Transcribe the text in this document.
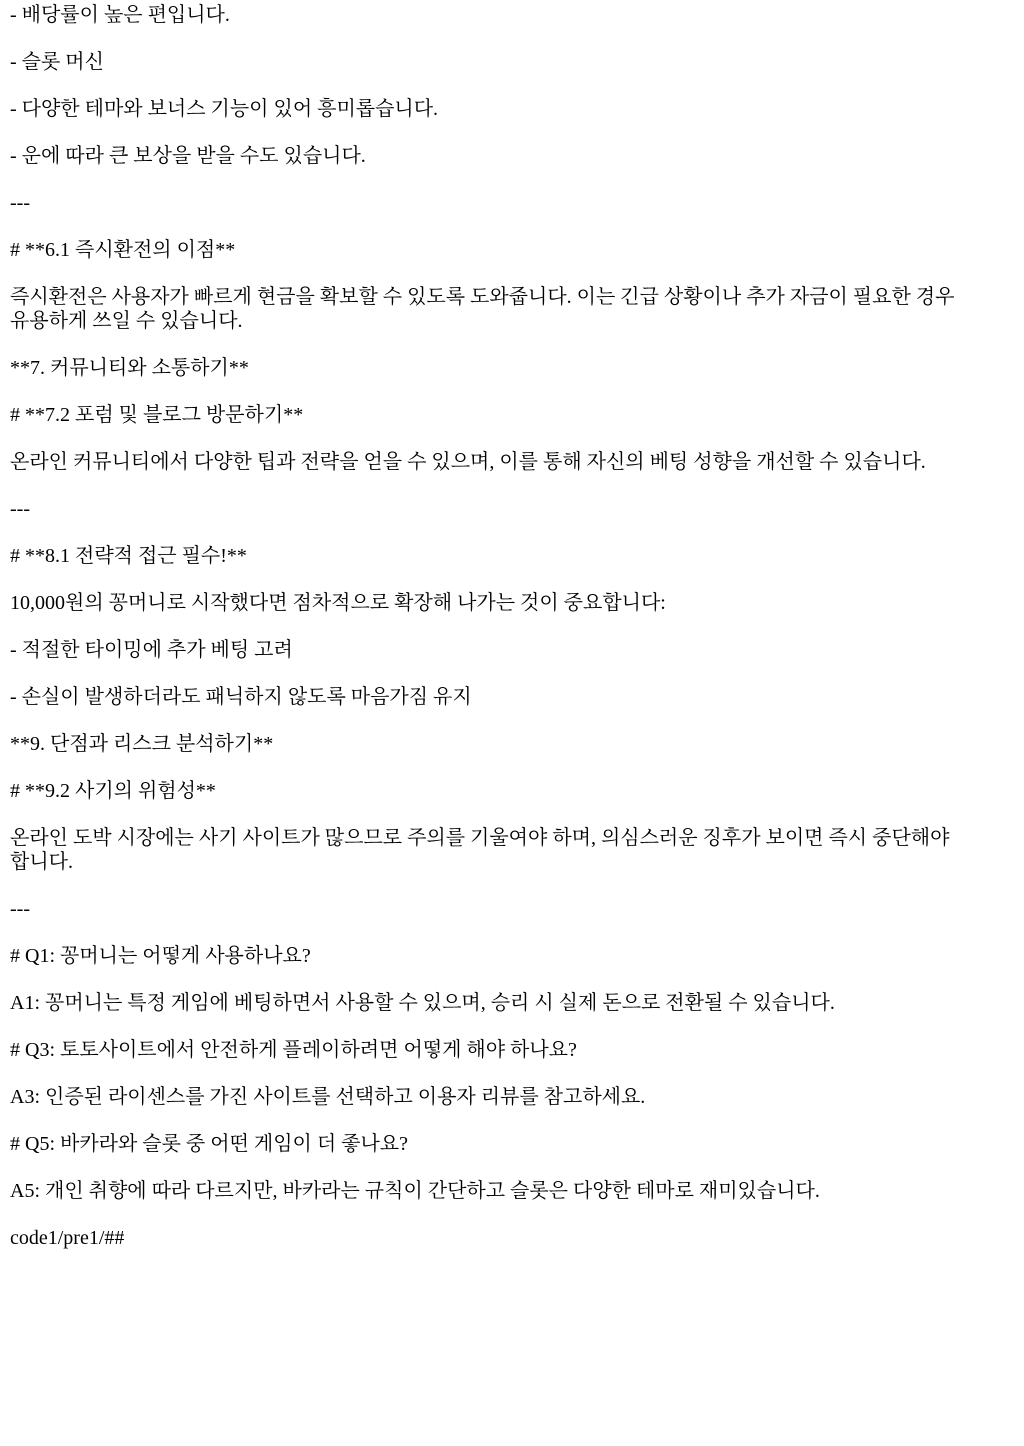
- 배당률이 높은 편입니다.

- 슬롯 머신

- 다양한 테마와 보너스 기능이 있어 흥미롭습니다.

- 운에 따라 큰 보상을 받을 수도 있습니다.

---

# **6.1 즉시환전의 이점**

즉시환전은 사용자가 빠르게 현금을 확보할 수 있도록 도와줍니다. 이는 긴급 상황이나 추가 자금이 필요한 경우 유용하게 쓰일 수 있습니다.

**7. 커뮤니티와 소통하기**

# **7.2 포럼 및 블로그 방문하기**

온라인 커뮤니티에서 다양한 팁과 전략을 얻을 수 있으며, 이를 통해 자신의 베팅 성향을 개선할 수 있습니다.

---

# **8.1 전략적 접근 필수!**

10,000원의 꽁머니로 시작했다면 점차적으로 확장해 나가는 것이 중요합니다:

- 적절한 타이밍에 추가 베팅 고려

- 손실이 발생하더라도 패닉하지 않도록 마음가짐 유지

**9. 단점과 리스크 분석하기**

# **9.2 사기의 위험성**

온라인 도박 시장에는 사기 사이트가 많으므로 주의를 기울여야 하며, 의심스러운 징후가 보이면 즉시 중단해야 합니다.

---

# Q1: 꽁머니는 어떻게 사용하나요?

A1: 꽁머니는 특정 게임에 베팅하면서 사용할 수 있으며, 승리 시 실제 돈으로 전환될 수 있습니다.

# Q3: 토토사이트에서 안전하게 플레이하려면 어떻게 해야 하나요?

A3: 인증된 라이센스를 가진 사이트를 선택하고 이용자 리뷰를 참고하세요.

# Q5: 바카라와 슬롯 중 어떤 게임이 더 좋나요?

A5: 개인 취향에 따라 다르지만, 바카라는 규칙이 간단하고 슬롯은 다양한 테마로 재미있습니다.

code1/pre1/##
